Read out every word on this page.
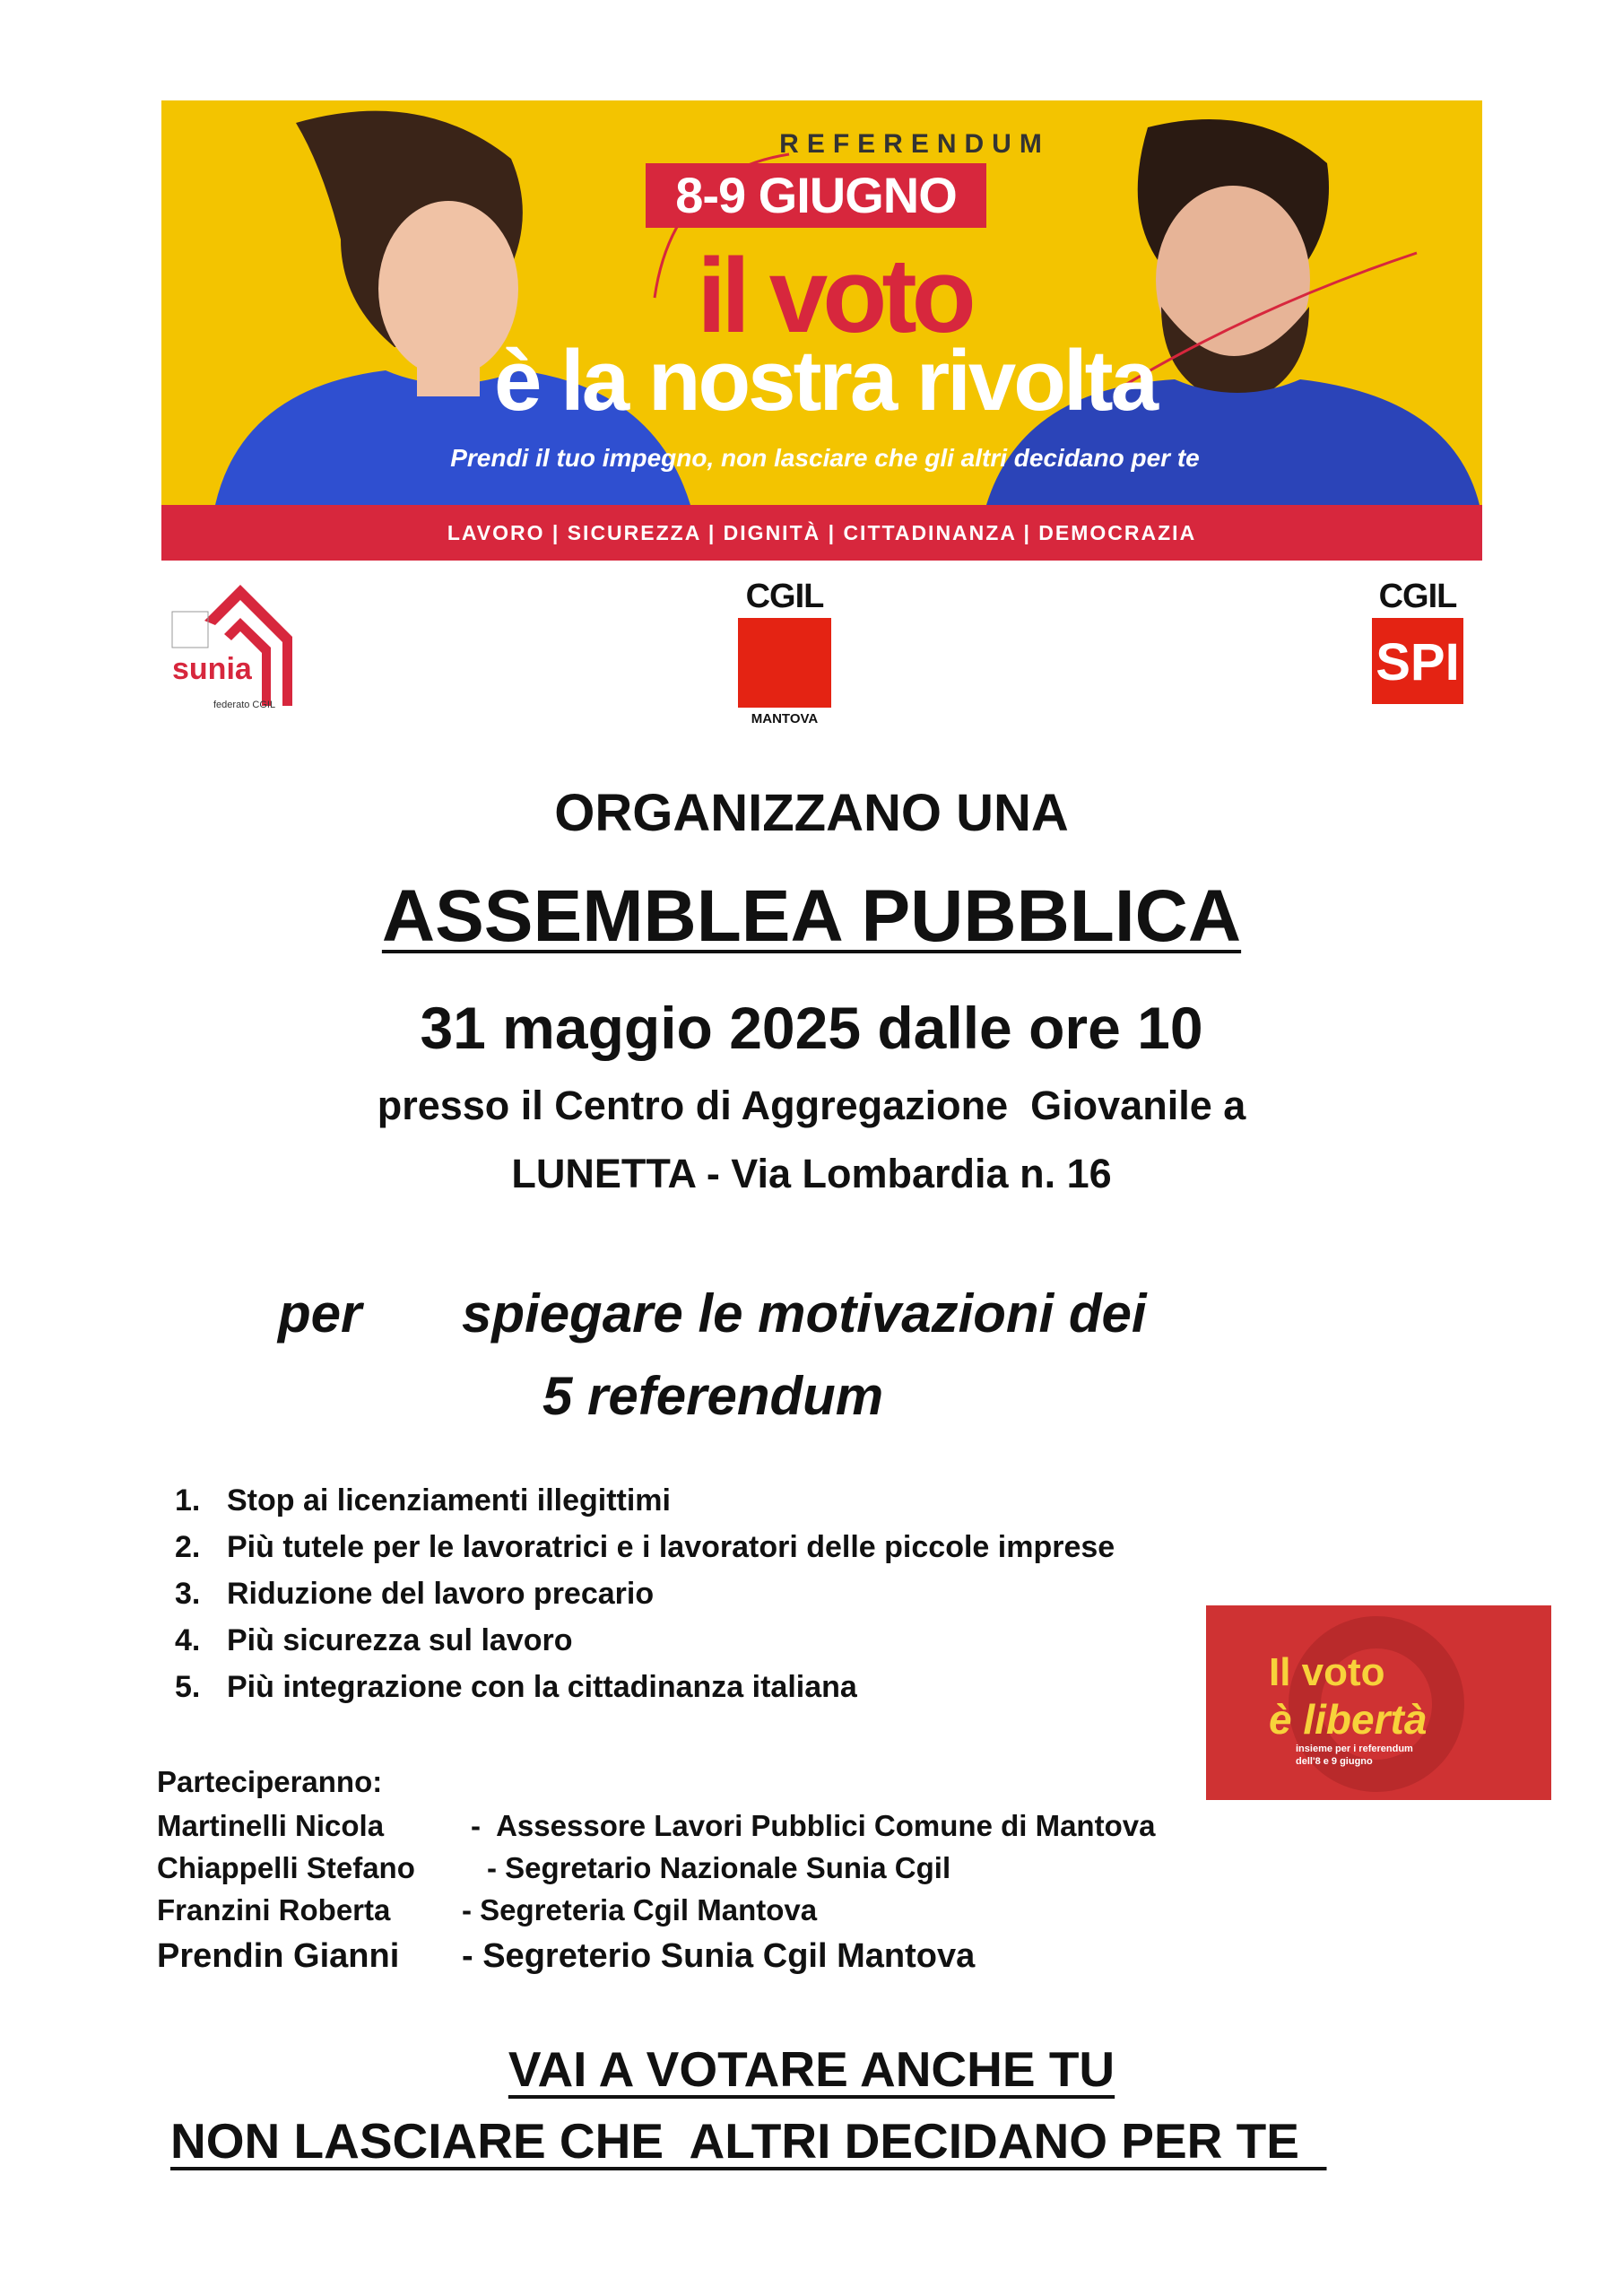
REFERENDUM
8-9 GIUGNO
il voto
è la nostra rivolta
Prendi il tuo impegno, non lasciare che gli altri decidano per te
LAVORO | SICUREZZA | DIGNITÀ | CITTADINANZA | DEMOCRAZIA
sunia
federato CGIL
CGIL
MANTOVA
CGIL
SPI
ORGANIZZANO UNA
ASSEMBLEA PUBBLICA
31 maggio 2025 dalle ore 10
presso il Centro di Aggregazione  Giovanile a
LUNETTA - Via Lombardia n. 16
per spiegare le motivazioni dei
5 referendum
1. Stop ai licenziamenti illegittimi
2. Più tutele per le lavoratrici e i lavoratori delle piccole imprese
3. Riduzione del lavoro precario
4. Più sicurezza sul lavoro
5. Più integrazione con la cittadinanza italiana	Il voto
è libertà
insieme per i referendum
dell'8 e 9 giugno
Parteciperanno:
Martinelli Nicola	-  Assessore Lavori Pubblici Comune di Mantova
Chiappelli Stefano	- Segretario Nazionale Sunia Cgil
Franzini Roberta	- Segreteria Cgil Mantova
Prendin Gianni	- Segreterio Sunia Cgil Mantova
VAI A VOTARE ANCHE TU
NON LASCIARE CHE  ALTRI DECIDANO PER TE
